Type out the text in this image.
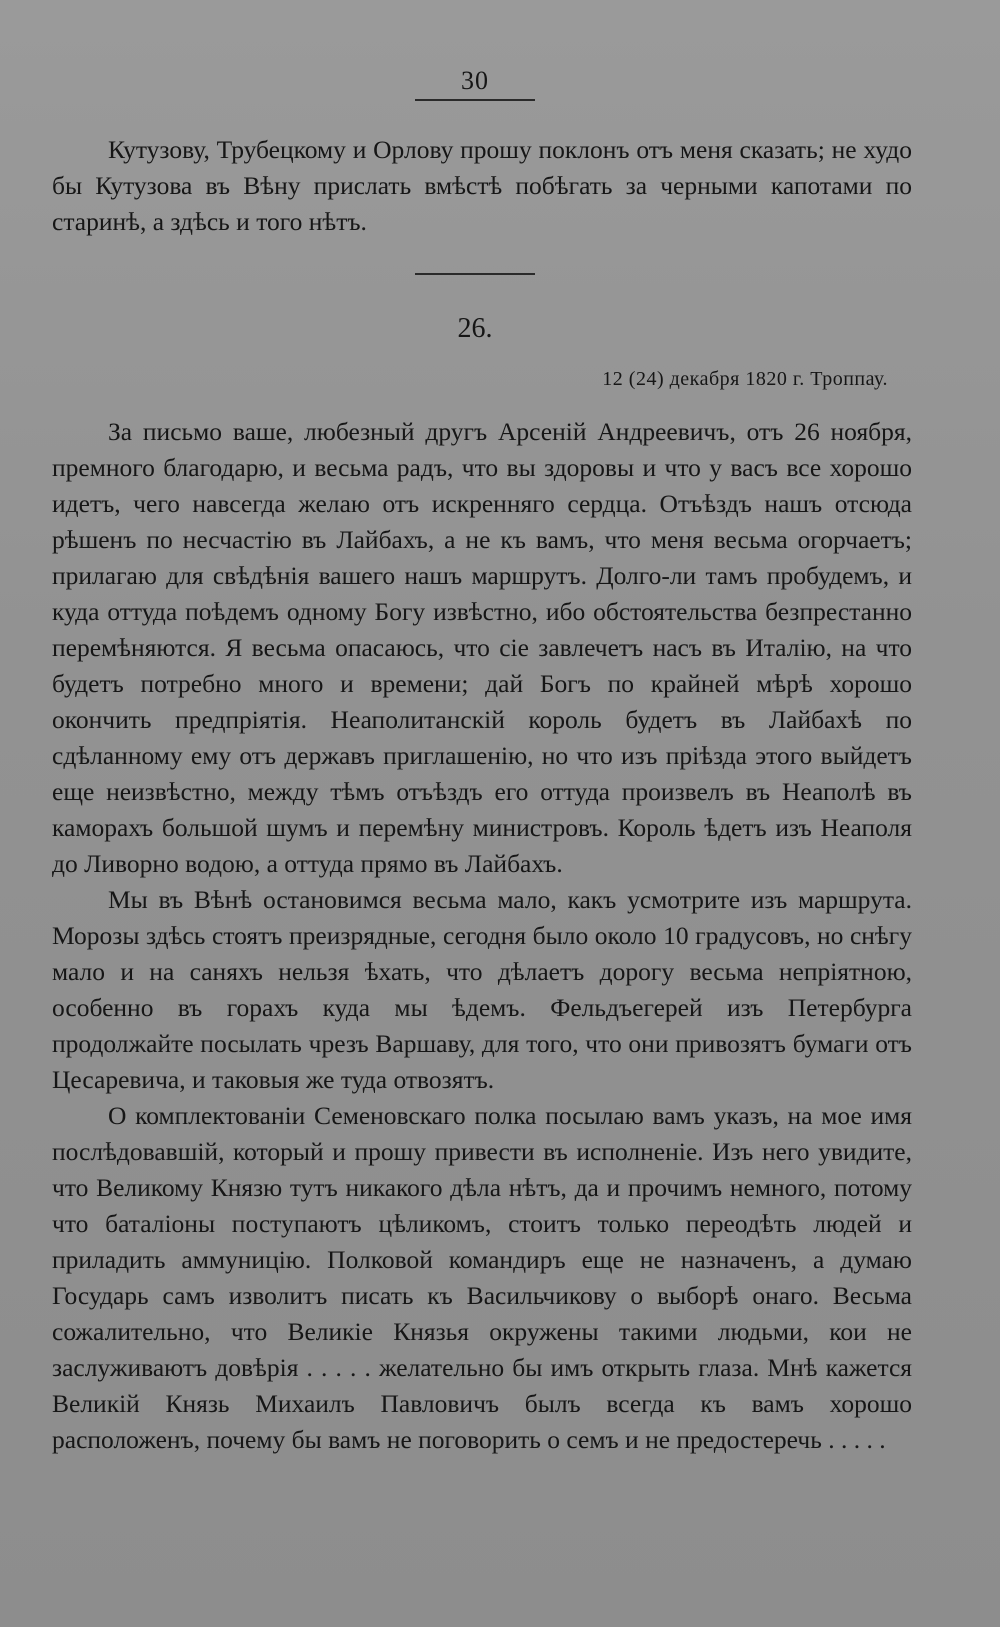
30

Кутузову, Трубецкому и Орлову прошу поклонъ отъ меня сказать; не худо бы Кутузова въ Вѣну прислать вмѣстѣ побѣгать за черными капотами по старинѣ, а здѣсь и того нѣтъ.

26.
12 (24) декабря 1820 г. Троппау.

За письмо ваше, любезный другъ Арсеній Андреевичъ, отъ 26 ноября, премного благодарю, и весьма радъ, что вы здоровы и что у васъ все хорошо идетъ, чего навсегда желаю отъ искренняго сердца. Отъѣздъ нашъ отсюда рѣшенъ по несчастію въ Лайбахъ, а не къ вамъ, что меня весьма огорчаетъ; прилагаю для свѣдѣнія вашего нашъ маршрутъ. Долго-ли тамъ пробудемъ, и куда оттуда поѣдемъ одному Богу извѣстно, ибо обстоятельства безпрестанно перемѣняются. Я весьма опасаюсь, что сіе завлечетъ насъ въ Италію, на что будетъ потребно много и времени; дай Богъ по крайней мѣрѣ хорошо окончить предпріятія. Неаполитанскій король будетъ въ Лайбахѣ по сдѣланному ему отъ державъ приглашенію, но что изъ пріѣзда этого выйдетъ еще неизвѣстно, между тѣмъ отъѣздъ его оттуда произвелъ въ Неаполѣ въ каморахъ большой шумъ и перемѣну министровъ. Король ѣдетъ изъ Неаполя до Ливорно водою, а оттуда прямо въ Лайбахъ.

Мы въ Вѣнѣ остановимся весьма мало, какъ усмотрите изъ маршрута. Морозы здѣсь стоятъ преизрядные, сегодня было около 10 градусовъ, но снѣгу мало и на саняхъ нельзя ѣхать, что дѣлаетъ дорогу весьма непріятною, особенно въ горахъ куда мы ѣдемъ. Фельдъегерей изъ Петербурга продолжайте посылать чрезъ Варшаву, для того, что они привозятъ бумаги отъ Цесаревича, и таковыя же туда отвозятъ.

О комплектованіи Семеновскаго полка посылаю вамъ указъ, на мое имя послѣдовавшій, который и прошу привести въ исполненіе. Изъ него увидите, что Великому Князю тутъ никакого дѣла нѣтъ, да и прочимъ немного, потому что баталіоны поступаютъ цѣликомъ, стоитъ только переодѣть людей и приладить аммуницію. Полковой командиръ еще не назначенъ, а думаю Государь самъ изволитъ писать къ Васильчикову о выборѣ онаго. Весьма сожалительно, что Великіе Князья окружены такими людьми, кои не заслуживаютъ довѣрія . . . . . желательно бы имъ открыть глаза. Мнѣ кажется Великій Князь Михаилъ Павловичъ былъ всегда къ вамъ хорошо расположенъ, почему бы вамъ не поговорить о семъ и не предостеречь . . . . .
